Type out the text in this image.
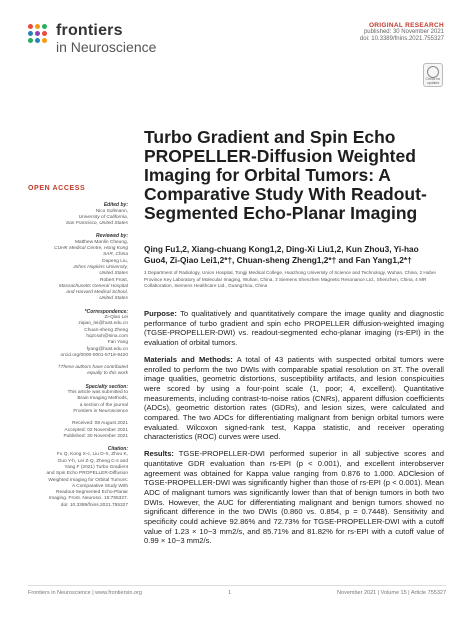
frontiers
in Neuroscience
ORIGINAL RESEARCH
published: 30 November 2021
doi: 10.3389/fnins.2021.755327
Check for updates
Turbo Gradient and Spin Echo PROPELLER-Diffusion Weighted Imaging for Orbital Tumors: A Comparative Study With Readout-Segmented Echo-Planar Imaging
Qing Fu1,2, Xiang-chuang Kong1,2, Ding-Xi Liu1,2, Kun Zhou3, Yi-hao Guo4, Zi-Qiao Lei1,2*†, Chuan-sheng Zheng1,2*† and Fan Yang1,2*†
1 Department of Radiology, Union Hospital, Tongji Medical College, Huazhong University of Science and Technology, Wuhan, China, 2 Hubei Province Key Laboratory of Molecular Imaging, Wuhan, China, 3 Siemens Shenzhen Magnetic Resonance Ltd., Shenzhen, China, 4 MR Collaboration, Siemens Healthcare Ltd., Guangzhou, China
OPEN ACCESS
Edited by:
Nico Sollmann,
University of California,
San Francisco, United States
Reviewed by:
Matthew Manlin Cheung,
CUHK Medical Centre, Hong Kong
SAR, China
Dapeng Liu,
Johns Hopkins University,
United States
Robert Frost,
Massachusetts General Hospital
and Harvard Medical School,
United States
*Correspondence:
Zi-Qiao Lei
ziqiao_lei@hust.edu.cn
Chuan-sheng Zheng
hqzcsxh@sina.com
Fan Yang
fyang@hust.edu.cn
orcid.org/0000-0001-5718-9420
†These authors have contributed
equally to this work
Specialty section:
This article was submitted to
Brain Imaging Methods,
a section of the journal
Frontiers in Neuroscience
Received: 08 August 2021
Accepted: 02 November 2021
Published: 30 November 2021
Citation:
Fu Q, Kong X-c, Liu D-X, Zhou K,
Guo Y-h, Lei Z-Q, Zheng C-s and
Yang F (2021) Turbo Gradient
and Spin Echo PROPELLER-Diffusion
Weighted Imaging for Orbital Tumors:
A Comparative Study With
Readout-Segmented Echo-Planar
Imaging. Front. Neurosci. 15:755327.
doi: 10.3389/fnins.2021.755327

Purpose: To qualitatively and quantitatively compare the image quality and diagnostic performance of turbo gradient and spin echo PROPELLER diffusion-weighted imaging (TGSE-PROPELLER-DWI) vs. readout-segmented echo-planar imaging (rs-EPI) in the evaluation of orbital tumors.

Materials and Methods: A total of 43 patients with suspected orbital tumors were enrolled to perform the two DWIs with comparable spatial resolution on 3T. The overall image qualities, geometric distortions, susceptibility artifacts, and lesion conspicuities were scored by using a four-point scale (1, poor; 4, excellent). Quantitative measurements, including contrast-to-noise ratios (CNRs), apparent diffusion coefficients (ADCs), geometric distortion rates (GDRs), and lesion sizes, were calculated and compared. The two ADCs for differentiating malignant from benign orbital tumors were evaluated. Wilcoxon signed-rank test, Kappa statistic, and receiver operating characteristics (ROC) curves were used.

Results: TGSE-PROPELLER-DWI performed superior in all subjective scores and quantitative GDR evaluation than rs-EPI (p < 0.001), and excellent interobserver agreement was obtained for Kappa value ranging from 0.876 to 1.000. ADClesion of TGSE-PROPELLER-DWI was significantly higher than those of rs-EPI (p < 0.001). Mean ADC of malignant tumors was significantly lower than that of benign tumors in both two DWIs. However, the AUC for differentiating malignant and benign tumors showed no significant difference in the two DWIs (0.860 vs. 0.854, p = 0.7448). Sensitivity and specificity could achieve 92.86% and 72.73% for TGSE-PROPELLER-DWI with a cutoff value of 1.23 × 10−3 mm2/s, and 85.71% and 81.82% for rs-EPI with a cutoff value of 0.99 × 10−3 mm2/s.

Frontiers in Neuroscience | www.frontiersin.org	1	November 2021 | Volume 15 | Article 755327
